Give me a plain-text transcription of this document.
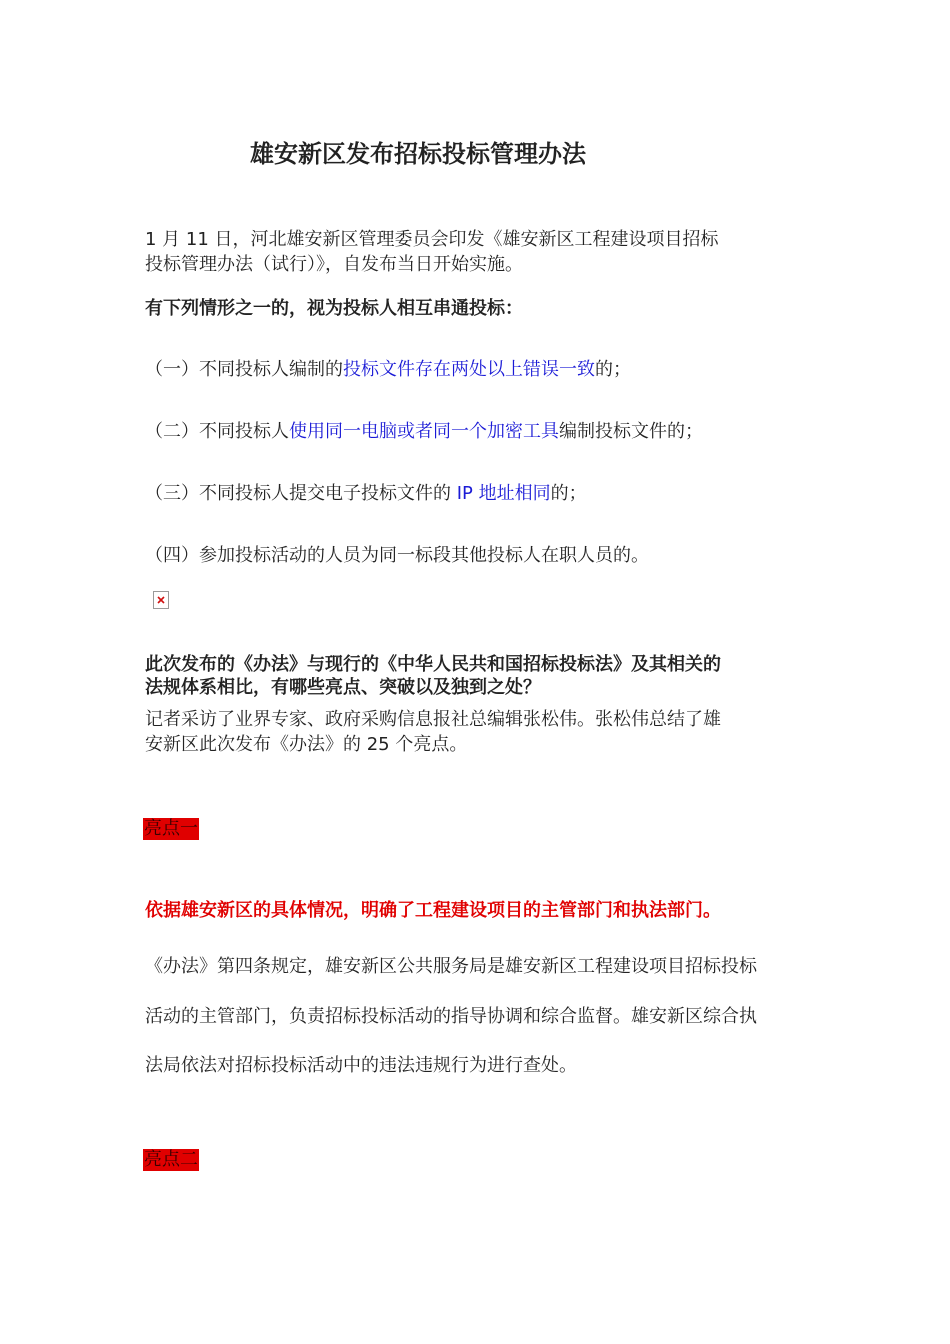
雄安新区发布招标投标管理办法
1 月 11 日，河北雄安新区管理委员会印发《雄安新区工程建设项目招标
投标管理办法（试行）》，自发布当日开始实施。
有下列情形之一的，视为投标人相互串通投标：
（一）不同投标人编制的投标文件存在两处以上错误一致的；
（二）不同投标人使用同一电脑或者同一个加密工具编制投标文件的；
（三）不同投标人提交电子投标文件的 IP 地址相同的；
（四）参加投标活动的人员为同一标段其他投标人在职人员的。
此次发布的《办法》与现行的《中华人民共和国招标投标法》及其相关的
法规体系相比，有哪些亮点、突破以及独到之处？
记者采访了业界专家、政府采购信息报社总编辑张松伟。张松伟总结了雄
安新区此次发布《办法》的 25 个亮点。
亮点一
依据雄安新区的具体情况，明确了工程建设项目的主管部门和执法部门。
《办法》第四条规定，雄安新区公共服务局是雄安新区工程建设项目招标投标
活动的主管部门，负责招标投标活动的指导协调和综合监督。雄安新区综合执
法局依法对招标投标活动中的违法违规行为进行查处。
亮点二
